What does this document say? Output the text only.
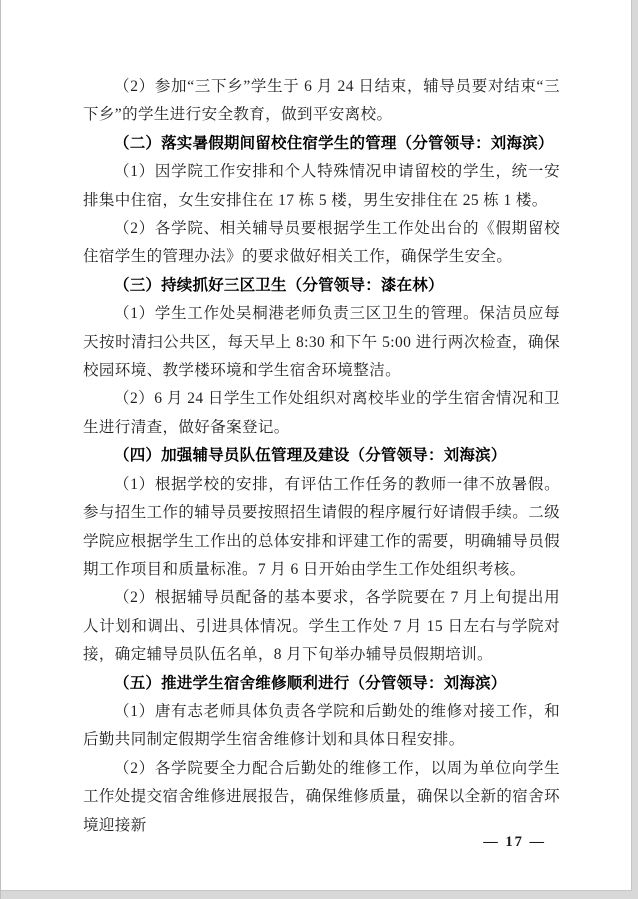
（2）参加“三下乡”学生于 6 月 24 日结束，辅导员要对结束“三下乡”的学生进行安全教育，做到平安离校。

（二）落实暑假期间留校住宿学生的管理（分管领导：刘海滨）

（1）因学院工作安排和个人特殊情况申请留校的学生，统一安排集中住宿，女生安排住在 17 栋 5 楼，男生安排住在 25 栋 1 楼。

（2）各学院、相关辅导员要根据学生工作处出台的《假期留校住宿学生的管理办法》的要求做好相关工作，确保学生安全。

（三）持续抓好三区卫生（分管领导：漆在林）

（1）学生工作处吴桐港老师负责三区卫生的管理。保洁员应每天按时清扫公共区，每天早上 8:30 和下午 5:00 进行两次检查，确保校园环境、教学楼环境和学生宿舍环境整洁。

（2）6 月 24 日学生工作处组织对离校毕业的学生宿舍情况和卫生进行清查，做好备案登记。

（四）加强辅导员队伍管理及建设（分管领导：刘海滨）

（1）根据学校的安排，有评估工作任务的教师一律不放暑假。参与招生工作的辅导员要按照招生请假的程序履行好请假手续。二级学院应根据学生工作出的总体安排和评建工作的需要，明确辅导员假期工作项目和质量标准。7 月 6 日开始由学生工作处组织考核。

（2）根据辅导员配备的基本要求，各学院要在 7 月上旬提出用人计划和调出、引进具体情况。学生工作处 7 月 15 日左右与学院对接，确定辅导员队伍名单，8 月下旬举办辅导员假期培训。

（五）推进学生宿舍维修顺利进行（分管领导：刘海滨）

（1）唐有志老师具体负责各学院和后勤处的维修对接工作，和后勤共同制定假期学生宿舍维修计划和具体日程安排。

（2）各学院要全力配合后勤处的维修工作，以周为单位向学生工作处提交宿舍维修进展报告，确保维修质量，确保以全新的宿舍环境迎接新

— 17 —
